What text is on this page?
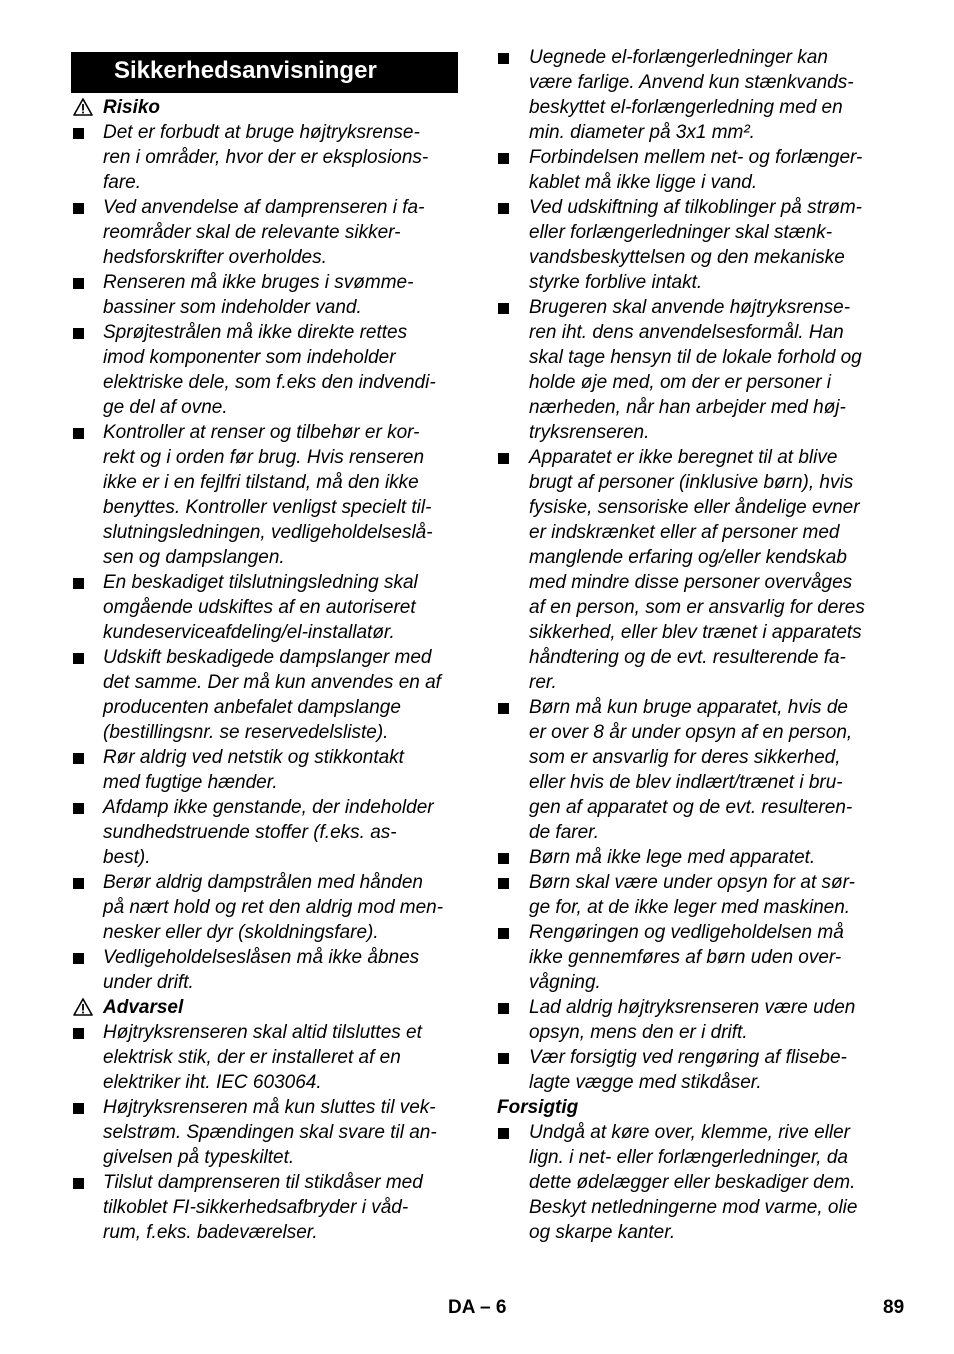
Sikkerhedsanvisninger
Risiko
Det er forbudt at bruge højtryksrense-
ren i områder, hvor der er eksplosions-
fare.
Ved anvendelse af damprenseren i fa-
reområder skal de relevante sikker-
hedsforskrifter overholdes.
Renseren må ikke bruges i svømme-
bassiner som indeholder vand.
Sprøjtestrålen må ikke direkte rettes
imod komponenter som indeholder
elektriske dele, som f.eks den indvendi-
ge del af ovne.
Kontroller at renser og tilbehør er kor-
rekt og i orden før brug. Hvis renseren
ikke er i en fejlfri tilstand, må den ikke
benyttes. Kontroller venligst specielt til-
slutningsledningen, vedligeholdelseslå-
sen og dampslangen.
En beskadiget tilslutningsledning skal
omgående udskiftes af en autoriseret
kundeserviceafdeling/el-installatør.
Udskift beskadigede dampslanger med
det samme. Der må kun anvendes en af
producenten anbefalet dampslange
(bestillingsnr. se reservedelsliste).
Rør aldrig ved netstik og stikkontakt
med fugtige hænder.
Afdamp ikke genstande, der indeholder
sundhedstruende stoffer (f.eks. as-
best).
Berør aldrig dampstrålen med hånden
på nært hold og ret den aldrig mod men-
nesker eller dyr (skoldningsfare).
Vedligeholdelseslåsen må ikke åbnes
under drift.
Advarsel
Højtryksrenseren skal altid tilsluttes et
elektrisk stik, der er installeret af en
elektriker iht. IEC 603064.
Højtryksrenseren må kun sluttes til vek-
selstrøm. Spændingen skal svare til an-
givelsen på typeskiltet.
Tilslut damprenseren til stikdåser med
tilkoblet FI-sikkerhedsafbryder i våd-
rum, f.eks. badeværelser.
Uegnede el-forlængerledninger kan
være farlige. Anvend kun stænkvands-
beskyttet el-forlængerledning med en
min. diameter på 3x1 mm².
Forbindelsen mellem net- og forlænger-
kablet må ikke ligge i vand.
Ved udskiftning af tilkoblinger på strøm-
eller forlængerledninger skal stænk-
vandsbeskyttelsen og den mekaniske
styrke forblive intakt.
Brugeren skal anvende højtryksrense-
ren iht. dens anvendelsesformål. Han
skal tage hensyn til de lokale forhold og
holde øje med, om der er personer i
nærheden, når han arbejder med høj-
tryksrenseren.
Apparatet er ikke beregnet til at blive
brugt af personer (inklusive børn), hvis
fysiske, sensoriske eller åndelige evner
er indskrænket eller af personer med
manglende erfaring og/eller kendskab
med mindre disse personer overvåges
af en person, som er ansvarlig for deres
sikkerhed, eller blev trænet i apparatets
håndtering og de evt. resulterende fa-
rer.
Børn må kun bruge apparatet, hvis de
er over 8 år under opsyn af en person,
som er ansvarlig for deres sikkerhed,
eller hvis de blev indlært/trænet i bru-
gen af apparatet og de evt. resulteren-
de farer.
Børn må ikke lege med apparatet.
Børn skal være under opsyn for at sør-
ge for, at de ikke leger med maskinen.
Rengøringen og vedligeholdelsen må
ikke gennemføres af børn uden over-
vågning.
Lad aldrig højtryksrenseren være uden
opsyn, mens den er i drift.
Vær forsigtig ved rengøring af flisebe-
lagte vægge med stikdåser.
Forsigtig
Undgå at køre over, klemme, rive eller
lign. i net- eller forlængerledninger, da
dette ødelægger eller beskadiger dem.
Beskyt netledningerne mod varme, olie
og skarpe kanter.
DA – 6	89
